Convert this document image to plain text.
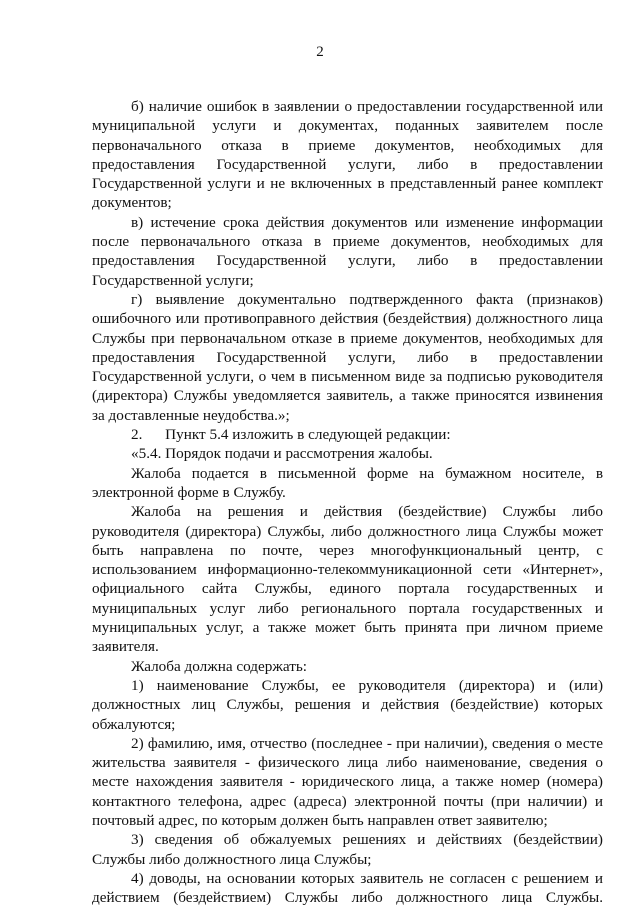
2

б) наличие ошибок в заявлении о предоставлении государственной или муниципальной услуги и документах, поданных заявителем после первоначального отказа в приеме документов, необходимых для предоставления Государственной услуги, либо в предоставлении Государственной услуги и не включенных в представленный ранее комплект документов;

в) истечение срока действия документов или изменение информации после первоначального отказа в приеме документов, необходимых для предоставления Государственной услуги, либо в предоставлении Государственной услуги;

г) выявление документально подтвержденного факта (признаков) ошибочного или противоправного действия (бездействия) должностного лица Службы при первоначальном отказе в приеме документов, необходимых для предоставления Государственной услуги, либо в предоставлении Государственной услуги, о чем в письменном виде за подписью руководителя (директора) Службы уведомляется заявитель, а также приносятся извинения за доставленные неудобства.»;

2.      Пункт 5.4 изложить в следующей редакции:

«5.4. Порядок подачи и рассмотрения жалобы.

Жалоба подается в письменной форме на бумажном носителе, в электронной форме в Службу.

Жалоба на решения и действия (бездействие) Службы либо руководителя (директора) Службы, либо должностного лица Службы может быть направлена по почте, через многофункциональный центр, с использованием информационно-телекоммуникационной сети «Интернет», официального сайта Службы, единого портала государственных и муниципальных услуг либо регионального портала государственных и муниципальных услуг, а также может быть принята при личном приеме заявителя.

Жалоба должна содержать:

1) наименование Службы, ее руководителя (директора) и (или) должностных лиц Службы, решения и действия (бездействие) которых обжалуются;

2) фамилию, имя, отчество (последнее - при наличии), сведения о месте жительства заявителя - физического лица либо наименование, сведения о месте нахождения заявителя - юридического лица, а также номер (номера) контактного телефона, адрес (адреса) электронной почты (при наличии) и почтовый адрес, по которым должен быть направлен ответ заявителю;

3) сведения об обжалуемых решениях и действиях (бездействии) Службы либо должностного лица Службы;

4) доводы, на основании которых заявитель не согласен с решением и действием (бездействием) Службы либо должностного лица Службы.
